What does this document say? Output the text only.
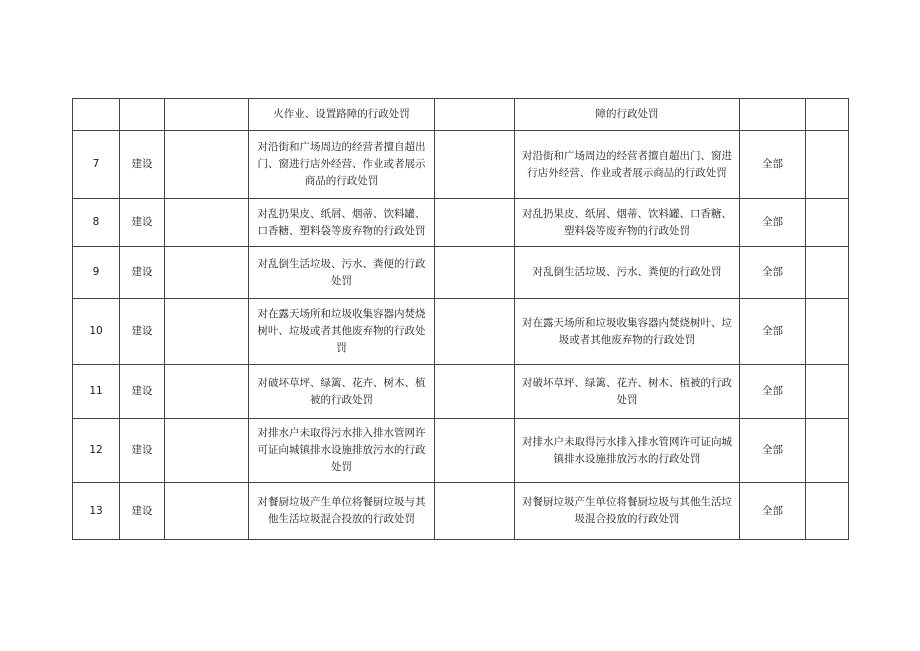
			火作业、设置路障的行政处罚		障的行政处罚		
7	建设		对沿街和广场周边的经营者擅自超出门、窗进行店外经营、作业或者展示商品的行政处罚		对沿街和广场周边的经营者擅自超出门、窗进行店外经营、作业或者展示商品的行政处罚	全部	
8	建设		对乱扔果皮、纸屑、烟蒂、饮料罐、口香糖、塑料袋等废弃物的行政处罚		对乱扔果皮、纸屑、烟蒂、饮料罐、口香糖、塑料袋等废弃物的行政处罚	全部	
9	建设		对乱倒生活垃圾、污水、粪便的行政处罚		对乱倒生活垃圾、污水、粪便的行政处罚	全部	
10	建设		对在露天场所和垃圾收集容器内焚烧树叶、垃圾或者其他废弃物的行政处罚		对在露天场所和垃圾收集容器内焚烧树叶、垃圾或者其他废弃物的行政处罚	全部	
11	建设		对破坏草坪、绿篱、花卉、树木、植被的行政处罚		对破坏草坪、绿篱、花卉、树木、植被的行政处罚	全部	
12	建设		对排水户未取得污水排入排水管网许可证向城镇排水设施排放污水的行政处罚		对排水户未取得污水排入排水管网许可证向城镇排水设施排放污水的行政处罚	全部	
13	建设		对餐厨垃圾产生单位将餐厨垃圾与其他生活垃圾混合投放的行政处罚		对餐厨垃圾产生单位将餐厨垃圾与其他生活垃圾混合投放的行政处罚	全部	
